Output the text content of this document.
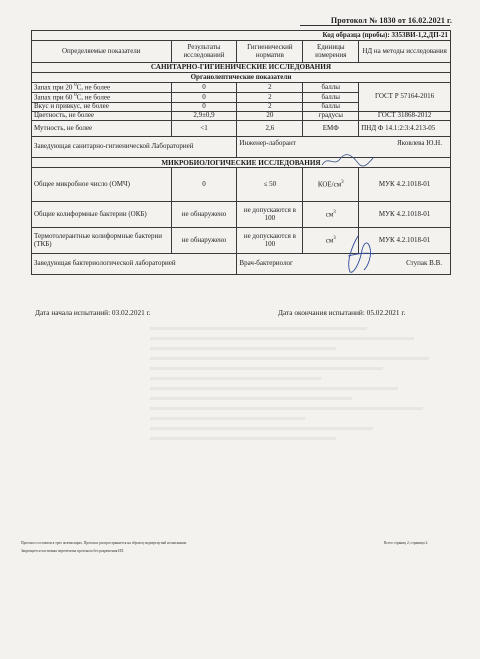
Протокол № 1830 от 16.02.2021 г.
Код образца (пробы): 3353ВИ-1,2,ДП-21				
Определяемые показатели	Результаты исследований	Гигиенический норматив	Единицы измерения	НД на методы исследования
САНИТАРНО-ГИГИЕНИЧЕСКИЕ ИССЛЕДОВАНИЯ				
Органолептические показатели				
Запах при 20 $^0$С, не более	0	2	баллы	ГОСТ Р 57164-2016
Запах при 60 $^0$С, не более	0	2	баллы	
Вкус и привкус, не более	0	2	баллы	
Цветность, не более	2,9±0,9	20	градусы	ГОСТ 31868-2012
Мутность, не более	<1	2,6	ЕМФ	ПНД Ф 14.1:2:3:4.213-05
Заведующая санитарно-гигиенической Лабораторией		Инженер-лаборант Яковлева Ю.Н.		

МИКРОБИОЛОГИЧЕСКИЕ ИССЛЕДОВАНИЯ				
Общее микробное число (ОМЧ)	0	≤ 50	КОЕ/$см^3$	МУК 4.2.1018-01
Общие колиформные бактерии (ОКБ)	не обнаружено	не допускаются в 100	$см^3$	МУК 4.2.1018-01
Термотолерантные колиформные бактерии (ТКБ)	не обнаружено	не допускаются в 100	$см^3$	МУК 4.2.1018-01
Заведующая бактериологической лабораторией		Врач-бактериолог Ступак В.В.		
Дата начала испытаний: 03.02.2021 г.	Дата окончания испытаний: 05.02.2021 г.
Протокол составлен в трех экземплярах. Протокол распространяется на образец подвергнутый испытаниям.
Запрещается частичная перепечатка протокола без разрешения ИЛ.
Всего страниц 2; страница 2.
